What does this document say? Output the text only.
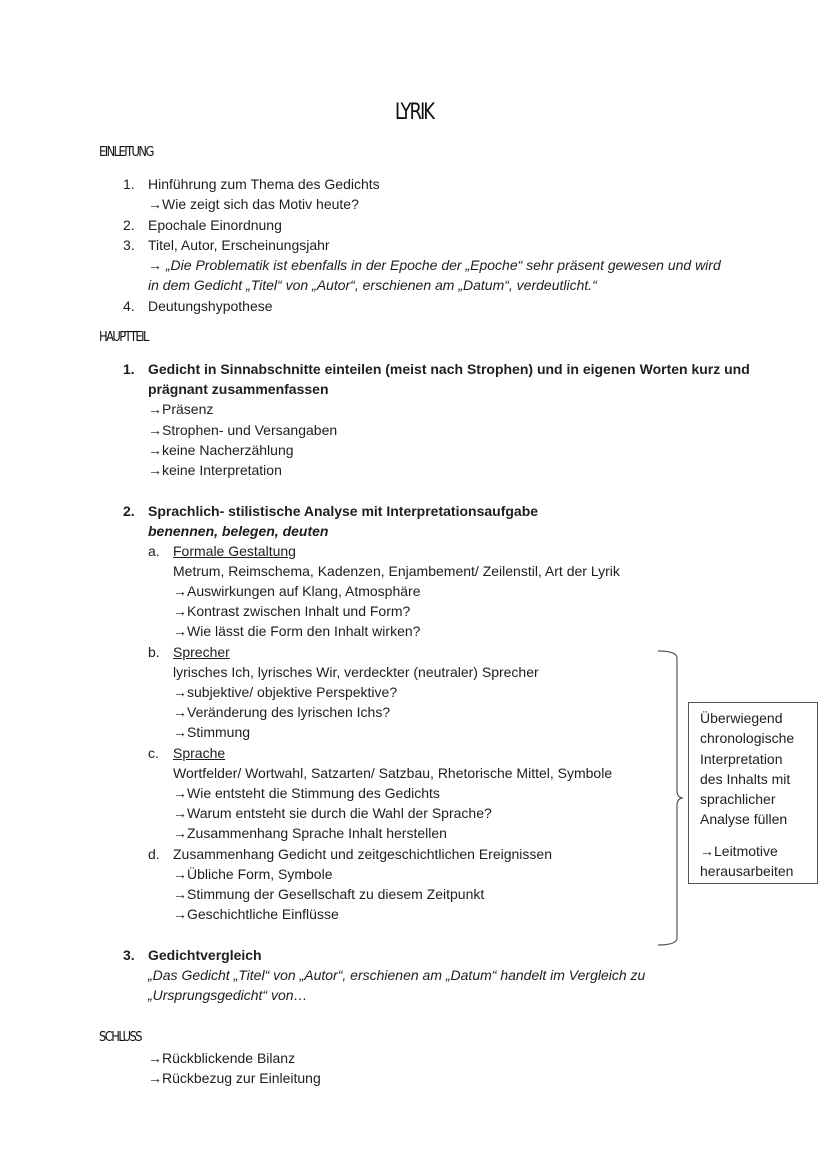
LYRIK
EINLEITUNG
1. Hinführung zum Thema des Gedichts
→Wie zeigt sich das Motiv heute?
2. Epochale Einordnung
3. Titel, Autor, Erscheinungsjahr
→ „Die Problematik ist ebenfalls in der Epoche der „Epoche“ sehr präsent gewesen und wird
in dem Gedicht „Titel“ von „Autor“, erschienen am „Datum“, verdeutlicht.“
4. Deutungshypothese
HAUPTTEIL
1. Gedicht in Sinnabschnitte einteilen (meist nach Strophen) und in eigenen Worten kurz und
prägnant zusammenfassen
→Präsenz
→Strophen- und Versangaben
→keine Nacherzählung
→keine Interpretation
2. Sprachlich- stilistische Analyse mit Interpretationsaufgabe
benennen, belegen, deuten
a. Formale Gestaltung
Metrum, Reimschema, Kadenzen, Enjambement/ Zeilenstil, Art der Lyrik
→Auswirkungen auf Klang, Atmosphäre
→Kontrast zwischen Inhalt und Form?
→Wie lässt die Form den Inhalt wirken?
b. Sprecher
lyrisches Ich, lyrisches Wir, verdeckter (neutraler) Sprecher
→subjektive/ objektive Perspektive?
→Veränderung des lyrischen Ichs?
→Stimmung
c. Sprache
Wortfelder/ Wortwahl, Satzarten/ Satzbau, Rhetorische Mittel, Symbole
→Wie entsteht die Stimmung des Gedichts
→Warum entsteht sie durch die Wahl der Sprache?
→Zusammenhang Sprache Inhalt herstellen
d. Zusammenhang Gedicht und zeitgeschichtlichen Ereignissen
→Übliche Form, Symbole
→Stimmung der Gesellschaft zu diesem Zeitpunkt
→Geschichtliche Einflüsse
3. Gedichtvergleich
„Das Gedicht „Titel“ von „Autor“, erschienen am „Datum“ handelt im Vergleich zu
„Ursprungsgedicht“ von…
Überwiegend
chronologische
Interpretation
des Inhalts mit
sprachlicher
Analyse füllen
→Leitmotive
herausarbeiten
SCHLUSS
→Rückblickende Bilanz
→Rückbezug zur Einleitung
